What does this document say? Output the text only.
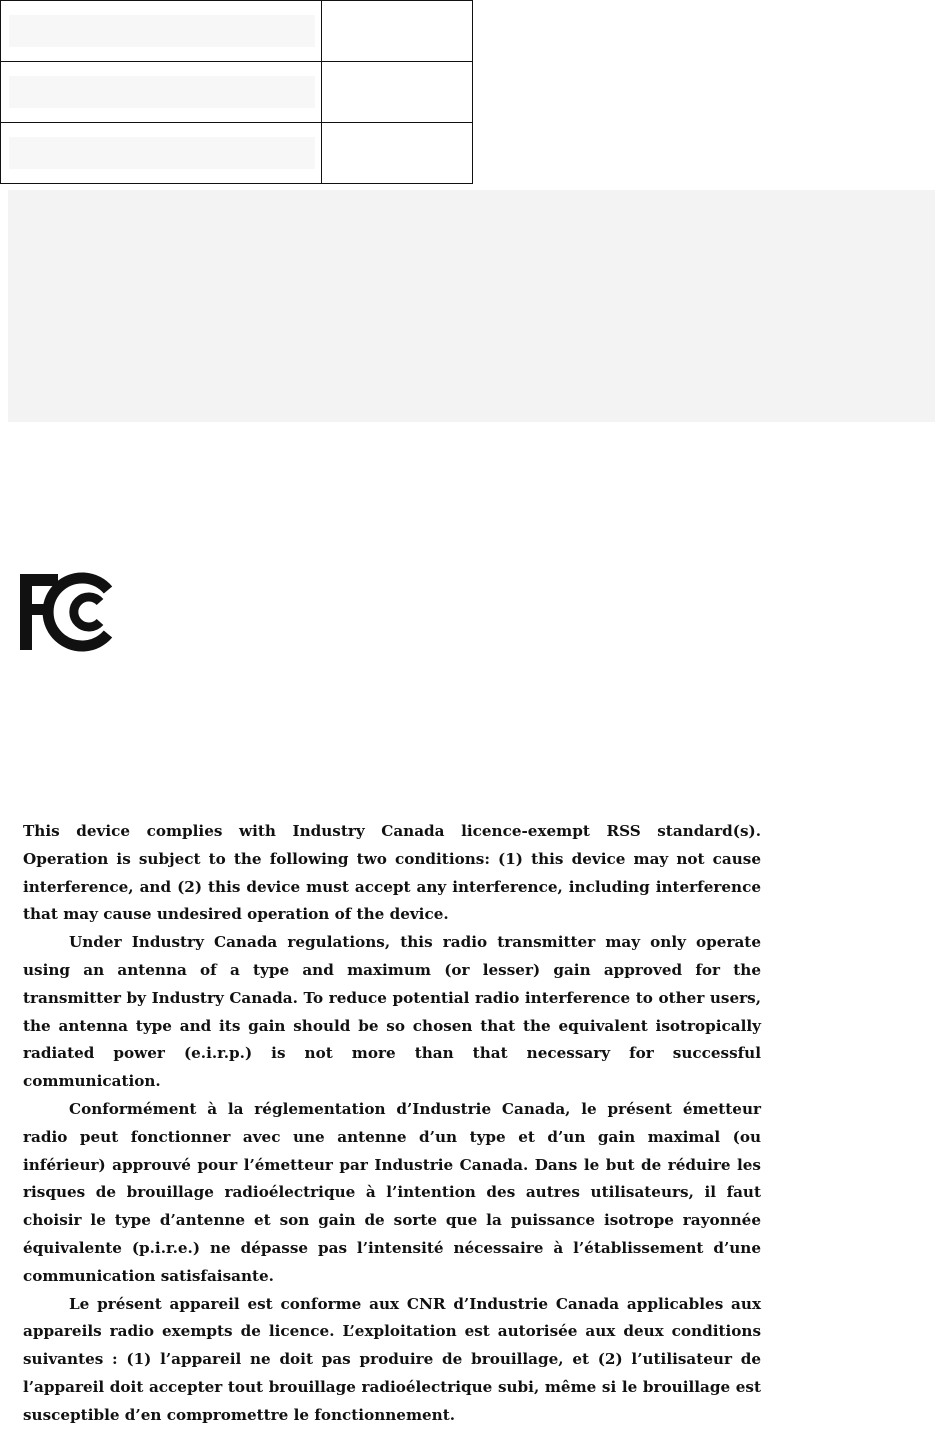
This device complies with Industry Canada licence-exempt RSS standard(s). Operation is subject to the following two conditions: (1) this device may not cause interference, and (2) this device must accept any interference, including interference that may cause undesired operation of the device.

Under Industry Canada regulations, this radio transmitter may only operate using an antenna of a type and maximum (or lesser) gain approved for the transmitter by Industry Canada. To reduce potential radio interference to other users, the antenna type and its gain should be so chosen that the equivalent isotropically radiated power (e.i.r.p.) is not more than that necessary for successful communication.

Conformément à la réglementation d’Industrie Canada, le présent émetteur radio peut fonctionner avec une antenne d’un type et d’un gain maximal (ou inférieur) approuvé pour l’émetteur par Industrie Canada. Dans le but de réduire les risques de brouillage radioélectrique à l’intention des autres utilisateurs, il faut choisir le type d’antenne et son gain de sorte que la puissance isotrope rayonnée équivalente (p.i.r.e.) ne dépasse pas l’intensité nécessaire à l’établissement d’une communication satisfaisante.

Le présent appareil est conforme aux CNR d’Industrie Canada applicables aux appareils radio exempts de licence. L’exploitation est autorisée aux deux conditions suivantes : (1) l’appareil ne doit pas produire de brouillage, et (2) l’utilisateur de l’appareil doit accepter tout brouillage radioélectrique subi, même si le brouillage est susceptible d’en compromettre le fonctionnement.
